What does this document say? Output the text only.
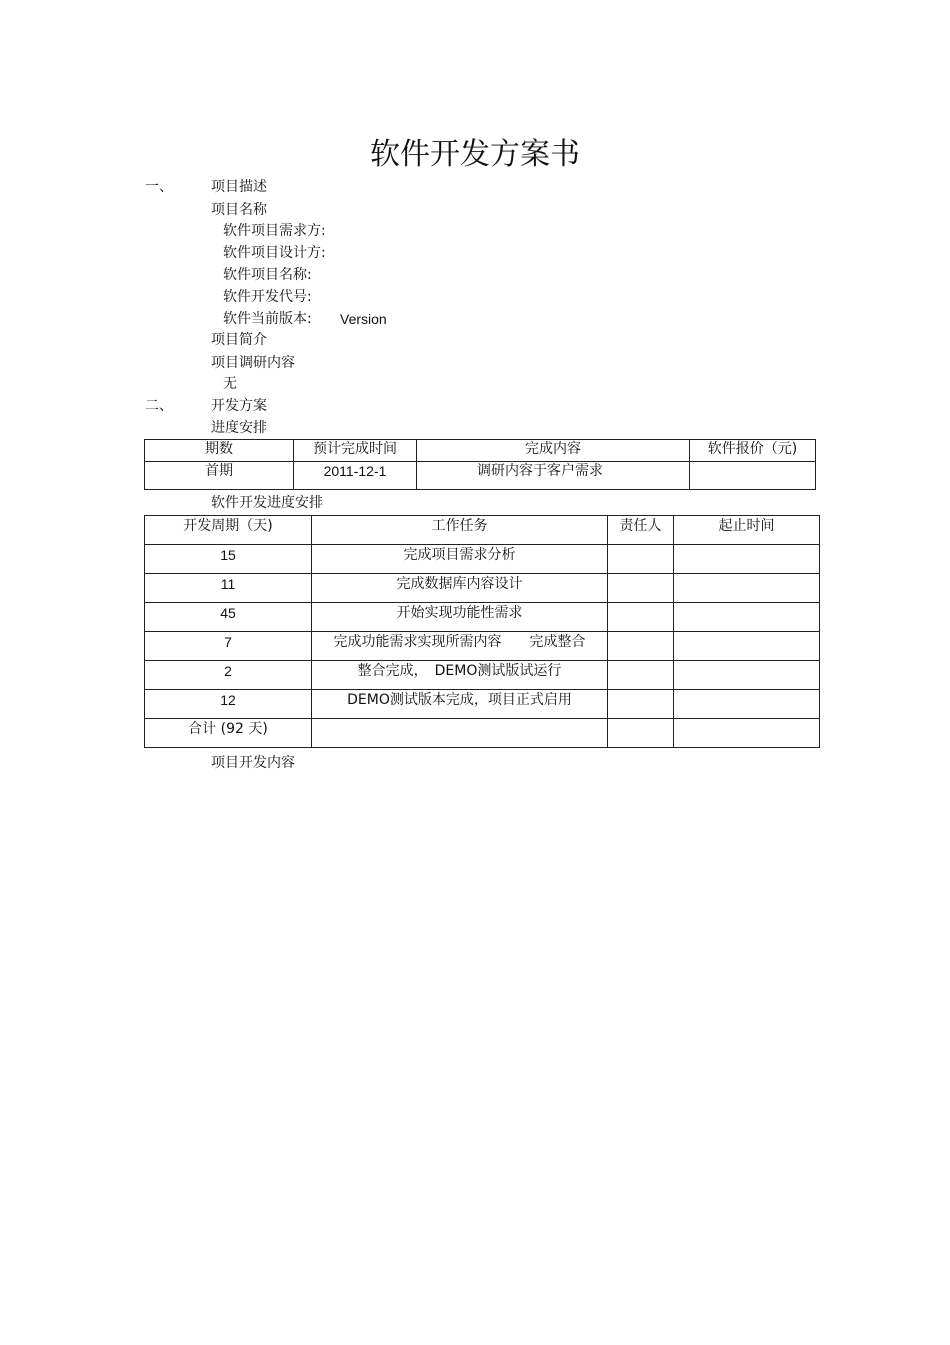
软件开发方案书
一、	项目描述
项目名称
软件项目需求方:
软件项目设计方:
软件项目名称:
软件开发代号:
软件当前版本: Version
项目简介
项目调研内容
无
二、	开发方案
进度安排
期数	预计完成时间	完成内容	软件报价（元)
首期	2011-12-1	调研内容于客户需求	
软件开发进度安排
开发周期（天)	工作任务	责任人	起止时间
15	完成项目需求分析		
11	完成数据库内容设计		
45	开始实现功能性需求		
7	完成功能需求实现所需内容　　完成整合		
2	整合完成，　DEMO测试版试运行		
12	DEMO测试版本完成，项目正式启用		
合计 (92 天)			
项目开发内容
